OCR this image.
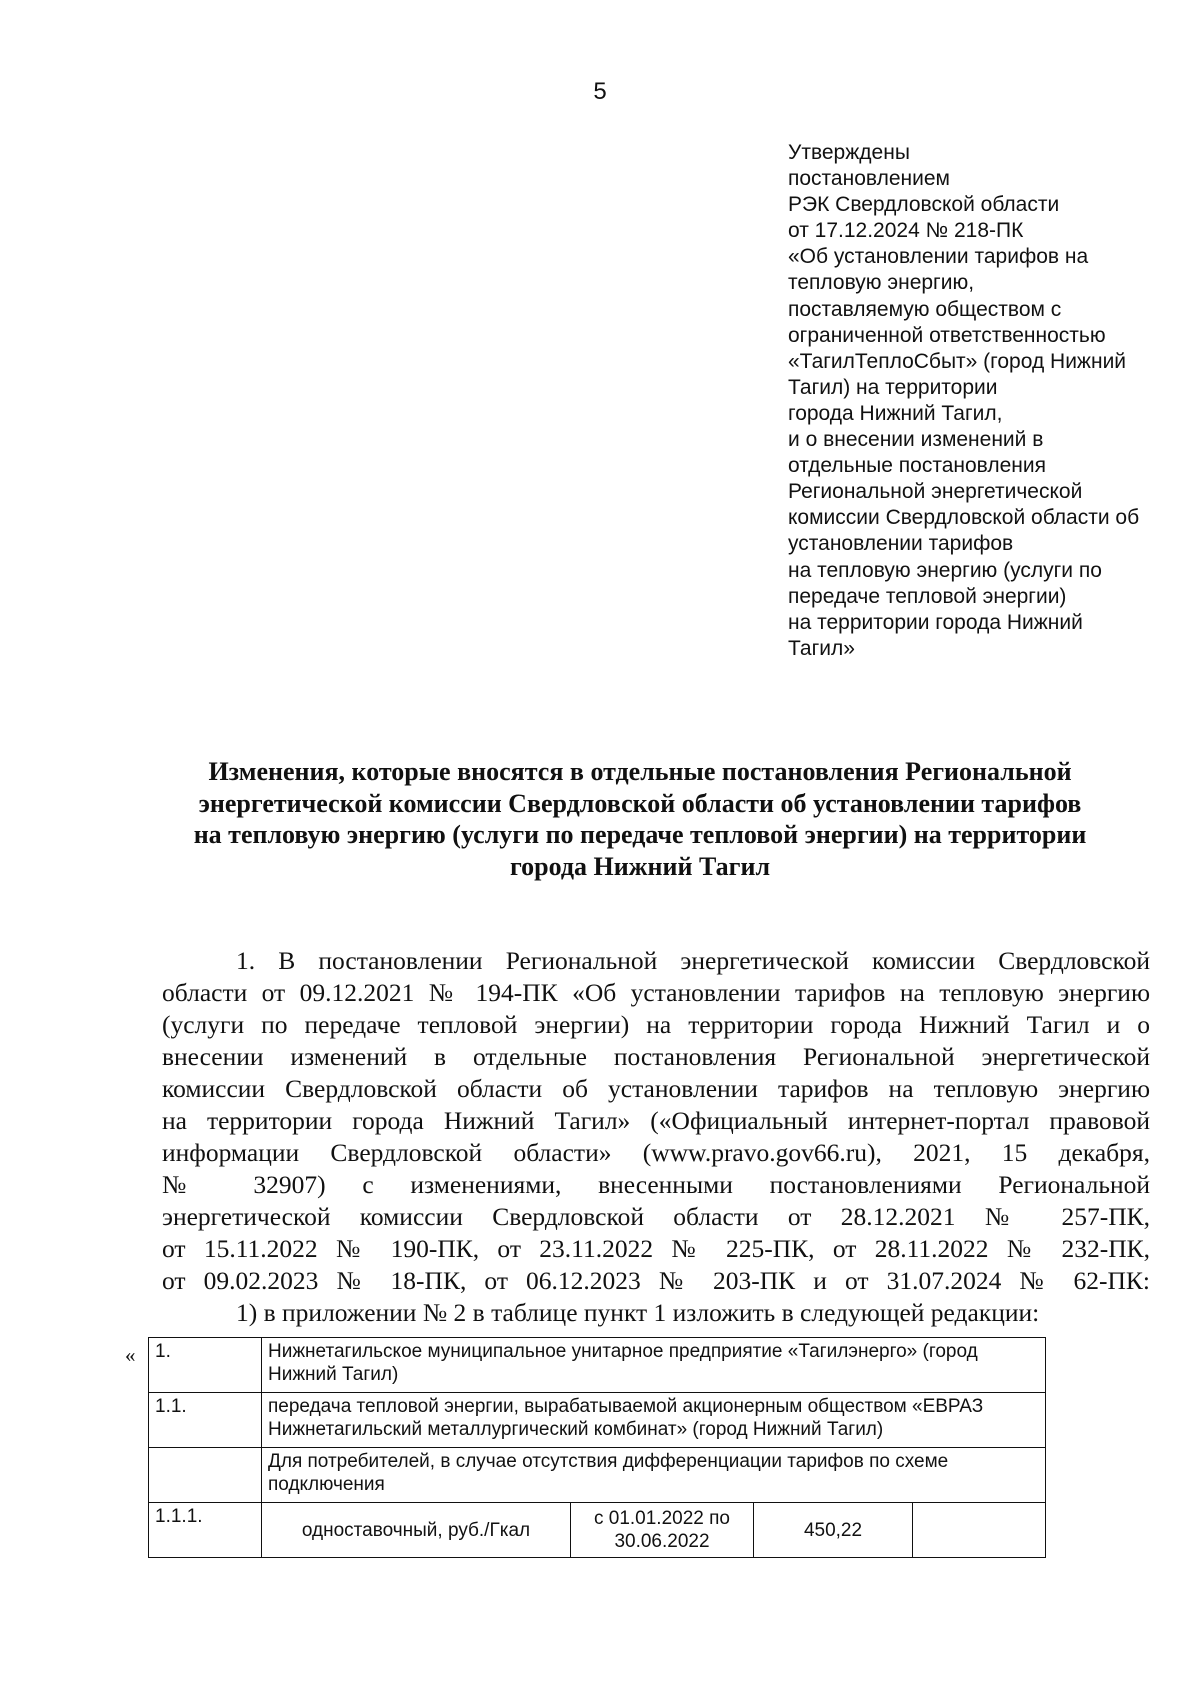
5
Утверждены
постановлением
РЭК Свердловской области
от 17.12.2024 № 218-ПК
«Об установлении тарифов на
тепловую энергию,
поставляемую обществом с
ограниченной ответственностью
«ТагилТеплоСбыт» (город Нижний
Тагил) на территории
города Нижний Тагил,
и о внесении изменений в
отдельные постановления
Региональной энергетической
комиссии Свердловской области об
установлении тарифов
на тепловую энергию (услуги по
передаче тепловой энергии)
на территории города Нижний
Тагил»
Изменения, которые вносятся в отдельные постановления Региональной
энергетической комиссии Свердловской области об установлении тарифов
на тепловую энергию (услуги по передаче тепловой энергии) на территории
города Нижний Тагил
1. В постановлении Региональной энергетической комиссии Свердловской
области от 09.12.2021 № 194-ПК «Об установлении тарифов на тепловую энергию
(услуги по передаче тепловой энергии) на территории города Нижний Тагил и о
внесении изменений в отдельные постановления Региональной энергетической
комиссии Свердловской области об установлении тарифов на тепловую энергию
на территории города Нижний Тагил» («Официальный интернет-портал правовой
информации Свердловской области» (www.pravo.gov66.ru), 2021, 15 декабря,
№ 32907) с изменениями, внесенными постановлениями Региональной
энергетической комиссии Свердловской области от 28.12.2021 № 257-ПК,
от 15.11.2022 № 190-ПК, от 23.11.2022 № 225-ПК, от 28.11.2022 № 232-ПК,
от 09.02.2023 № 18-ПК, от 06.12.2023 № 203-ПК и от 31.07.2024 № 62-ПК:
1) в приложении № 2 в таблице пункт 1 изложить в следующей редакции:
« 1.	Нижнетагильское муниципальное унитарное предприятие «Тагилэнерго» (город Нижний Тагил)			
1.1.	передача тепловой энергии, вырабатываемой акционерным обществом «ЕВРАЗ Нижнетагильский металлургический комбинат» (город Нижний Тагил)			
	Для потребителей, в случае отсутствия дифференциации тарифов по схеме подключения			
1.1.1.	одноставочный, руб./Гкал	с 01.01.2022 по 30.06.2022	450,22	
